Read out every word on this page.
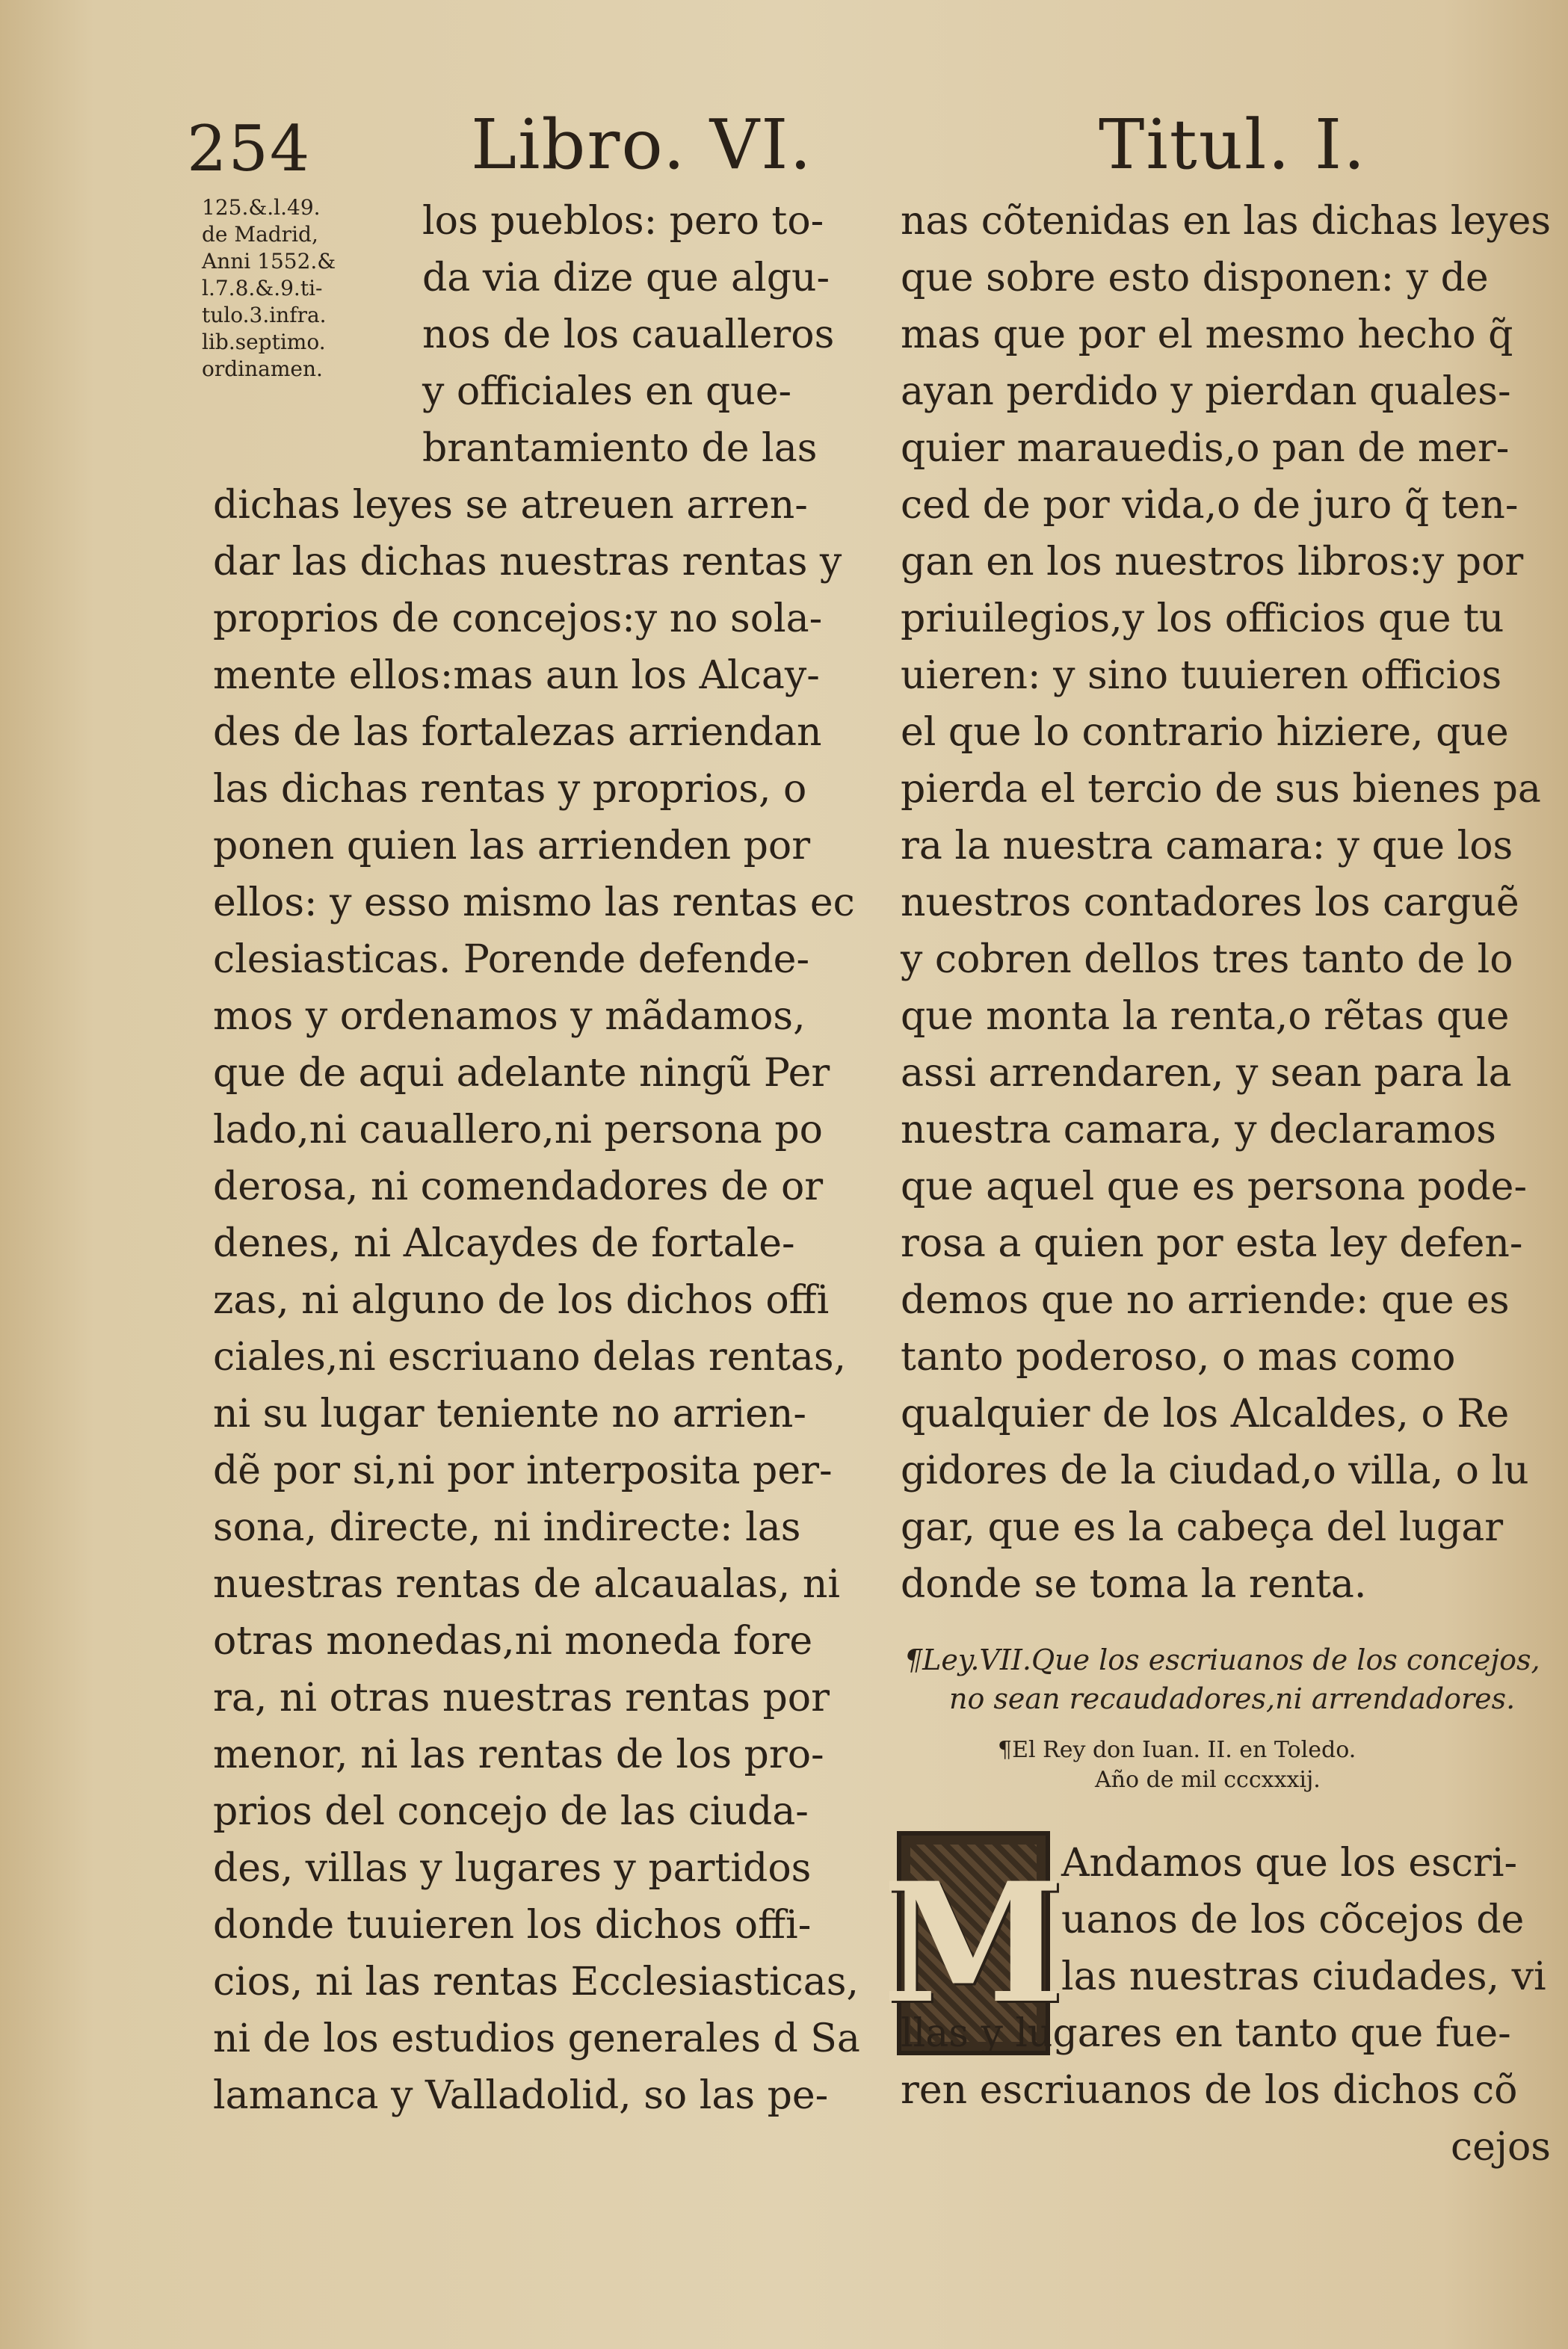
254 Libro. VI.	Titul. I.
125.&.l.49.
de Madrid,
Anni 1552.&
l.7.8.&.9.ti-
tulo.3.infra.
lib.septimo.
ordinamen.
los pueblos: pero to-
da via dize que algu-
nos de los caualleros
y officiales en que-
brantamiento de las
dichas leyes se atreuen arren-
dar las dichas nuestras rentas y
proprios de concejos:y no sola-
mente ellos:mas aun los Alcay-
des de las fortalezas arriendan
las dichas rentas y proprios, o
ponen quien las arrienden por
ellos: y esso mismo las rentas ec
clesiasticas. Porende defende-
mos y ordenamos y mãdamos,
que de aqui adelante ningũ Per
lado,ni cauallero,ni persona po
derosa, ni comendadores de or
denes, ni Alcaydes de fortale-
zas, ni alguno de los dichos offi
ciales,ni escriuano delas rentas,
ni su lugar teniente no arrien-
dẽ por si,ni por interposita per-
sona, directe, ni indirecte: las
nuestras rentas de alcaualas, ni
otras monedas,ni moneda fore
ra, ni otras nuestras rentas por
menor, ni las rentas de los pro-
prios del concejo de las ciuda-
des, villas y lugares y partidos
donde tuuieren los dichos offi-
cios, ni las rentas Ecclesiasticas,
ni de los estudios generales d Sa
lamanca y Valladolid, so las pe-
nas cõtenidas en las dichas leyes
que sobre esto disponen: y de
mas que por el mesmo hecho q̃
ayan perdido y pierdan quales-
quier marauedis,o pan de mer-
ced de por vida,o de juro q̃ ten-
gan en los nuestros libros:y por
priuilegios,y los officios que tu
uieren: y sino tuuieren officios
el que lo contrario hiziere, que
pierda el tercio de sus bienes pa
ra la nuestra camara: y que los
nuestros contadores los carguẽ
y cobren dellos tres tanto de lo
que monta la renta,o rẽtas que
assi arrendaren, y sean para la
nuestra camara, y declaramos
que aquel que es persona pode-
rosa a quien por esta ley defen-
demos que no arriende: que es
tanto poderoso, o mas como
qualquier de los Alcaldes, o Re
gidores de la ciudad,o villa, o lu
gar, que es la cabeça del lugar
donde se toma la renta.
¶Ley.VII.Que los escriuanos de los concejos,
no sean recaudadores,ni arrendadores.
¶El Rey don Iuan. II. en Toledo.
Año de mil cccxxxij.
M
Andamos que los escri-
uanos de los cõcejos de
las nuestras ciudades, vi
llas y lugares en tanto que fue-
ren escriuanos de los dichos cõ
cejos
